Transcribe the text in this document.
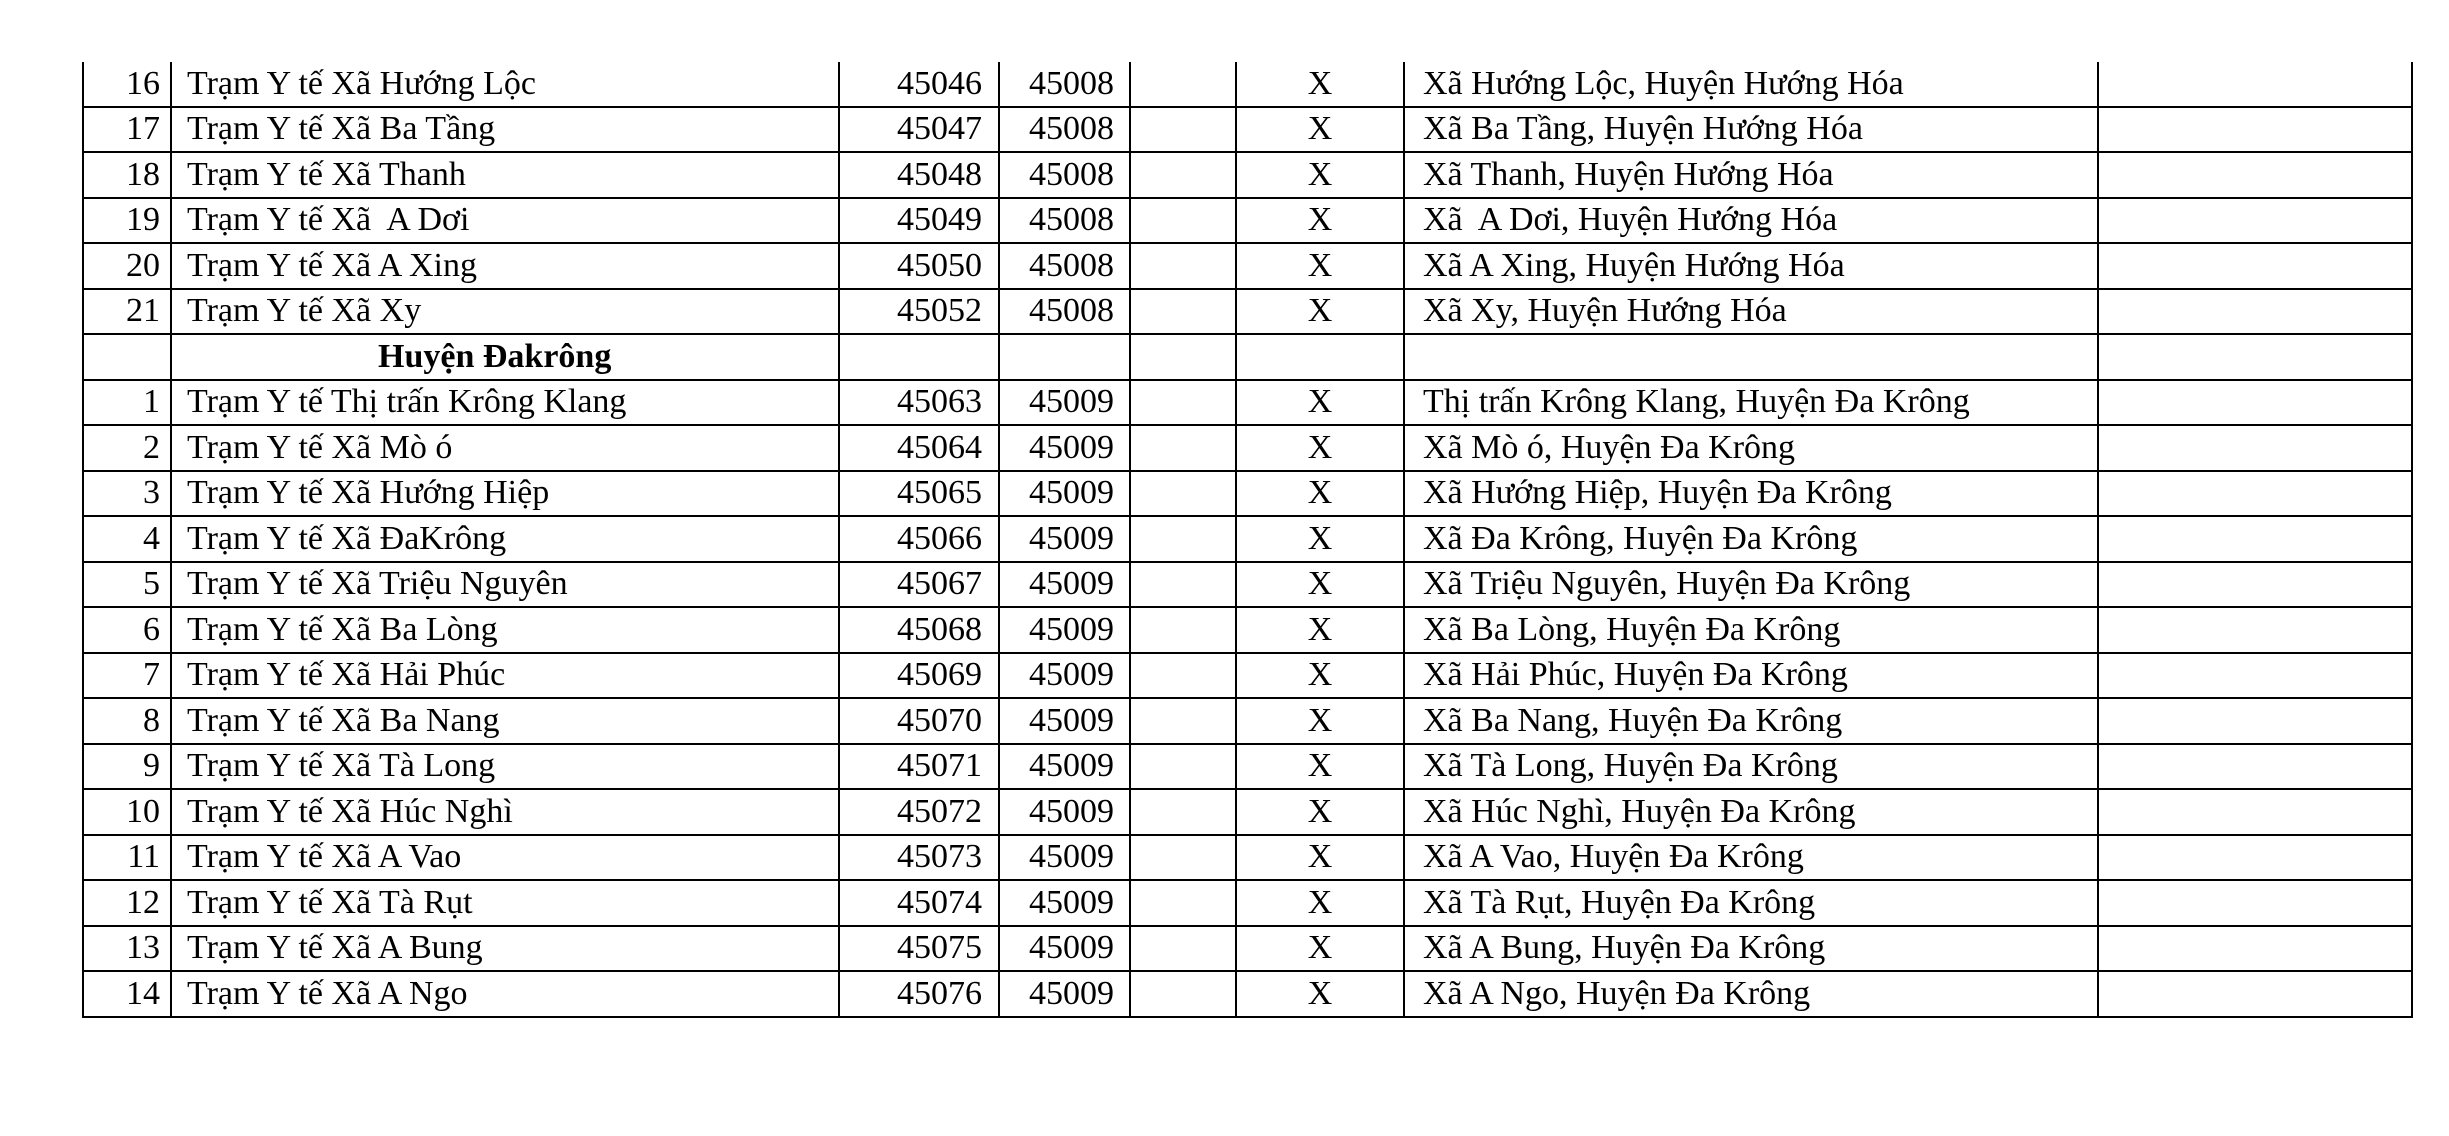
16	Trạm Y tế Xã Hướng Lộc	45046	45008		X	Xã Hướng Lộc, Huyện Hướng Hóa	
17	Trạm Y tế Xã Ba Tầng	45047	45008		X	Xã Ba Tầng, Huyện Hướng Hóa	
18	Trạm Y tế Xã Thanh	45048	45008		X	Xã Thanh, Huyện Hướng Hóa	
19	Trạm Y tế Xã  A Dơi	45049	45008		X	Xã  A Dơi, Huyện Hướng Hóa	
20	Trạm Y tế Xã A Xing	45050	45008		X	Xã A Xing, Huyện Hướng Hóa	
21	Trạm Y tế Xã Xy	45052	45008		X	Xã Xy, Huyện Hướng Hóa	
	Huyện Đakrông						
1	Trạm Y tế Thị trấn Krông Klang	45063	45009		X	Thị trấn Krông Klang, Huyện Đa Krông	
2	Trạm Y tế Xã Mò ó	45064	45009		X	Xã Mò ó, Huyện Đa Krông	
3	Trạm Y tế Xã Hướng Hiệp	45065	45009		X	Xã Hướng Hiệp, Huyện Đa Krông	
4	Trạm Y tế Xã ĐaKrông	45066	45009		X	Xã Đa Krông, Huyện Đa Krông	
5	Trạm Y tế Xã Triệu Nguyên	45067	45009		X	Xã Triệu Nguyên, Huyện Đa Krông	
6	Trạm Y tế Xã Ba Lòng	45068	45009		X	Xã Ba Lòng, Huyện Đa Krông	
7	Trạm Y tế Xã Hải Phúc	45069	45009		X	Xã Hải Phúc, Huyện Đa Krông	
8	Trạm Y tế Xã Ba Nang	45070	45009		X	Xã Ba Nang, Huyện Đa Krông	
9	Trạm Y tế Xã Tà Long	45071	45009		X	Xã Tà Long, Huyện Đa Krông	
10	Trạm Y tế Xã Húc Nghì	45072	45009		X	Xã Húc Nghì, Huyện Đa Krông	
11	Trạm Y tế Xã A Vao	45073	45009		X	Xã A Vao, Huyện Đa Krông	
12	Trạm Y tế Xã Tà Rụt	45074	45009		X	Xã Tà Rụt, Huyện Đa Krông	
13	Trạm Y tế Xã A Bung	45075	45009		X	Xã A Bung, Huyện Đa Krông	
14	Trạm Y tế Xã A Ngo	45076	45009		X	Xã A Ngo, Huyện Đa Krông	
